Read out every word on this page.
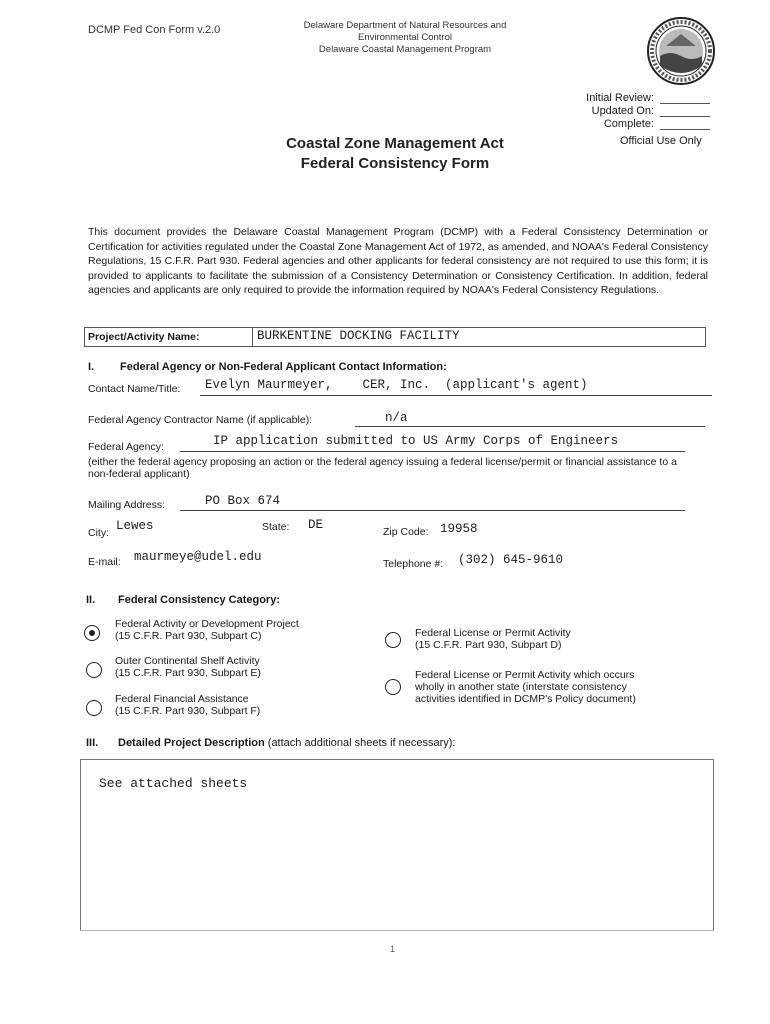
DCMP Fed Con Form v.2.0	Delaware Department of Natural Resources and
Environmental Control
Delaware Coastal Management Program
Initial Review:
Updated On:
Complete:
Official Use Only
Coastal Zone Management Act
Federal Consistency Form
This document provides the Delaware Coastal Management Program (DCMP) with a Federal Consistency Determination or Certification for activities regulated under the Coastal Zone Management Act of 1972, as amended, and NOAA's Federal Consistency Regulations, 15 C.F.R. Part 930. Federal agencies and other applicants for federal consistency are not required to use this form; it is provided to applicants to facilitate the submission of a Consistency Determination or Consistency Certification. In addition, federal agencies and applicants are only required to provide the information required by NOAA's Federal Consistency Regulations.
Project/Activity Name:	BURKENTINE DOCKING FACILITY
I. Federal Agency or Non-Federal Applicant Contact Information:
Contact Name/Title: Evelyn Maurmeyer,    CER, Inc.  (applicant's agent)
Federal Agency Contractor Name (if applicable):	n/a
Federal Agency:	IP application submitted to US Army Corps of Engineers
(either the federal agency proposing an action or the federal agency issuing a federal license/permit or financial assistance to a non-federal applicant)
Mailing Address:	PO Box 674
City: Lewes	State: DE	Zip Code: 19958
E-mail: maurmeye@udel.edu	Telephone #: (302) 645-9610
II. Federal Consistency Category:
Federal Activity or Development Project
(15 C.F.R. Part 930, Subpart C)
Outer Continental Shelf Activity
(15 C.F.R. Part 930, Subpart E)
Federal Financial Assistance
(15 C.F.R. Part 930, Subpart F)
Federal License or Permit Activity
(15 C.F.R. Part 930, Subpart D)
Federal License or Permit Activity which occurs
wholly in another state (interstate consistency
activities identified in DCMP's Policy document)
III. Detailed Project Description (attach additional sheets if necessary):
See attached sheets
1
